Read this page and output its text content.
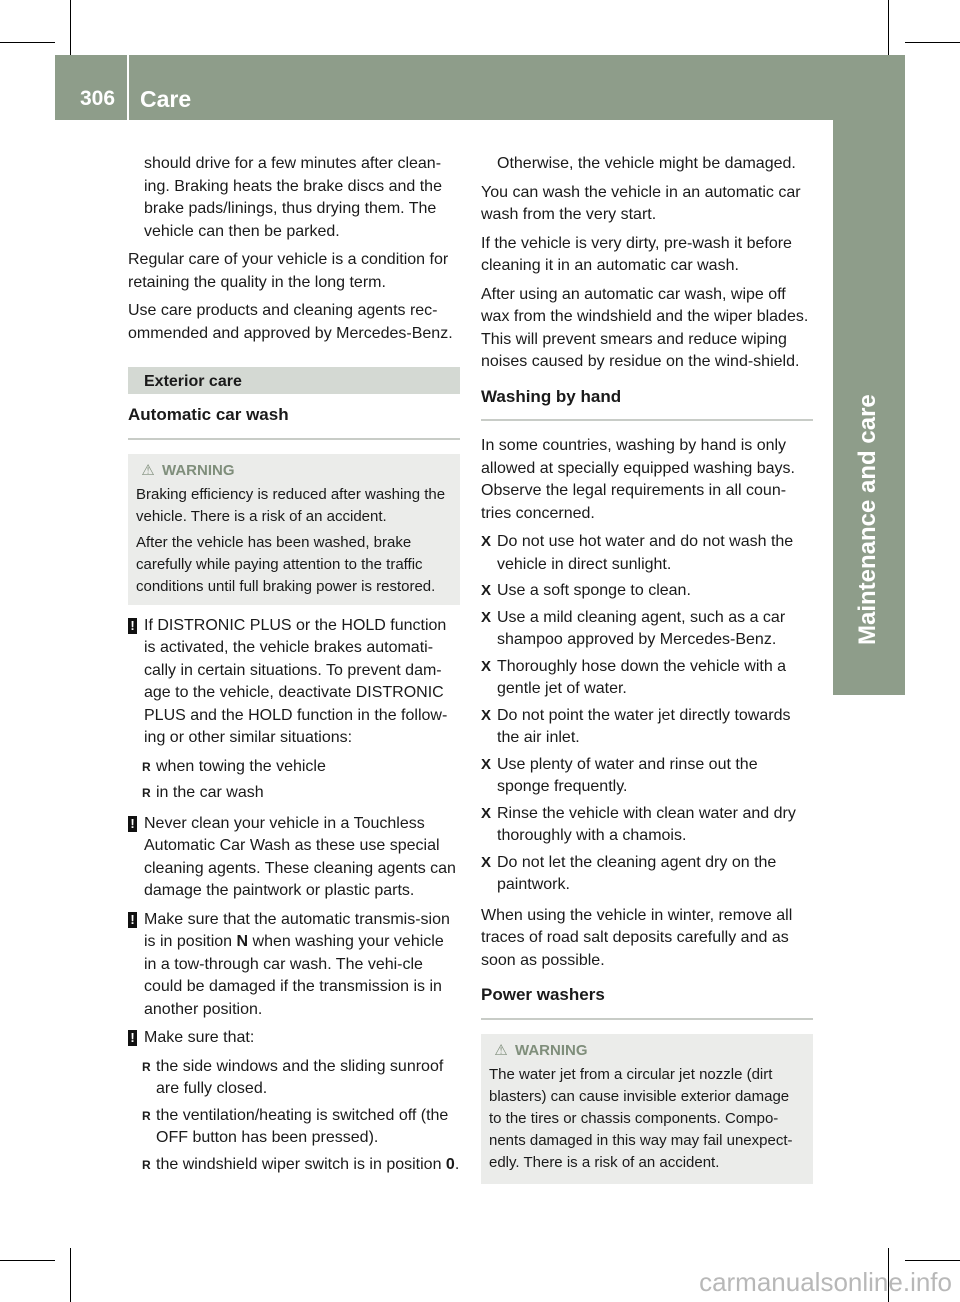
306 Care
Maintenance and care

should drive for a few minutes after clean-ing. Braking heats the brake discs and the brake pads/linings, thus drying them. The vehicle can then be parked.

Regular care of your vehicle is a condition for retaining the quality in the long term.

Use care products and cleaning agents rec-ommended and approved by Mercedes-Benz.

Exterior care
Automatic car wash
⚠ WARNING

Braking efficiency is reduced after washing the vehicle. There is a risk of an accident.

After the vehicle has been washed, brake carefully while paying attention to the traffic conditions until full braking power is restored.

! If DISTRONIC PLUS or the HOLD function is activated, the vehicle brakes automati-cally in certain situations. To prevent dam-age to the vehicle, deactivate DISTRONIC PLUS and the HOLD function in the follow-ing or other similar situations:
R when towing the vehicle
R in the car wash
! Never clean your vehicle in a Touchless Automatic Car Wash as these use special cleaning agents. These cleaning agents can damage the paintwork or plastic parts.
! Make sure that the automatic transmis-sion is in position N when washing your vehicle in a tow-through car wash. The vehi-cle could be damaged if the transmission is in another position.
! Make sure that:
R the side windows and the sliding sunroof are fully closed.
R the ventilation/heating is switched off (the OFF button has been pressed).
R the windshield wiper switch is in position 0.

Otherwise, the vehicle might be damaged.

You can wash the vehicle in an automatic car wash from the very start.

If the vehicle is very dirty, pre-wash it before cleaning it in an automatic car wash.

After using an automatic car wash, wipe off wax from the windshield and the wiper blades. This will prevent smears and reduce wiping noises caused by residue on the wind-shield.

Washing by hand

In some countries, washing by hand is only allowed at specially equipped washing bays. Observe the legal requirements in all coun-tries concerned.

X Do not use hot water and do not wash the vehicle in direct sunlight.
X Use a soft sponge to clean.
X Use a mild cleaning agent, such as a car shampoo approved by Mercedes-Benz.
X Thoroughly hose down the vehicle with a gentle jet of water.
X Do not point the water jet directly towards the air inlet.
X Use plenty of water and rinse out the sponge frequently.
X Rinse the vehicle with clean water and dry thoroughly with a chamois.
X Do not let the cleaning agent dry on the paintwork.

When using the vehicle in winter, remove all traces of road salt deposits carefully and as soon as possible.

Power washers
⚠ WARNING

The water jet from a circular jet nozzle (dirt blasters) can cause invisible exterior damage to the tires or chassis components. Compo-nents damaged in this way may fail unexpect-edly. There is a risk of an accident.

carmanualsonline.info
